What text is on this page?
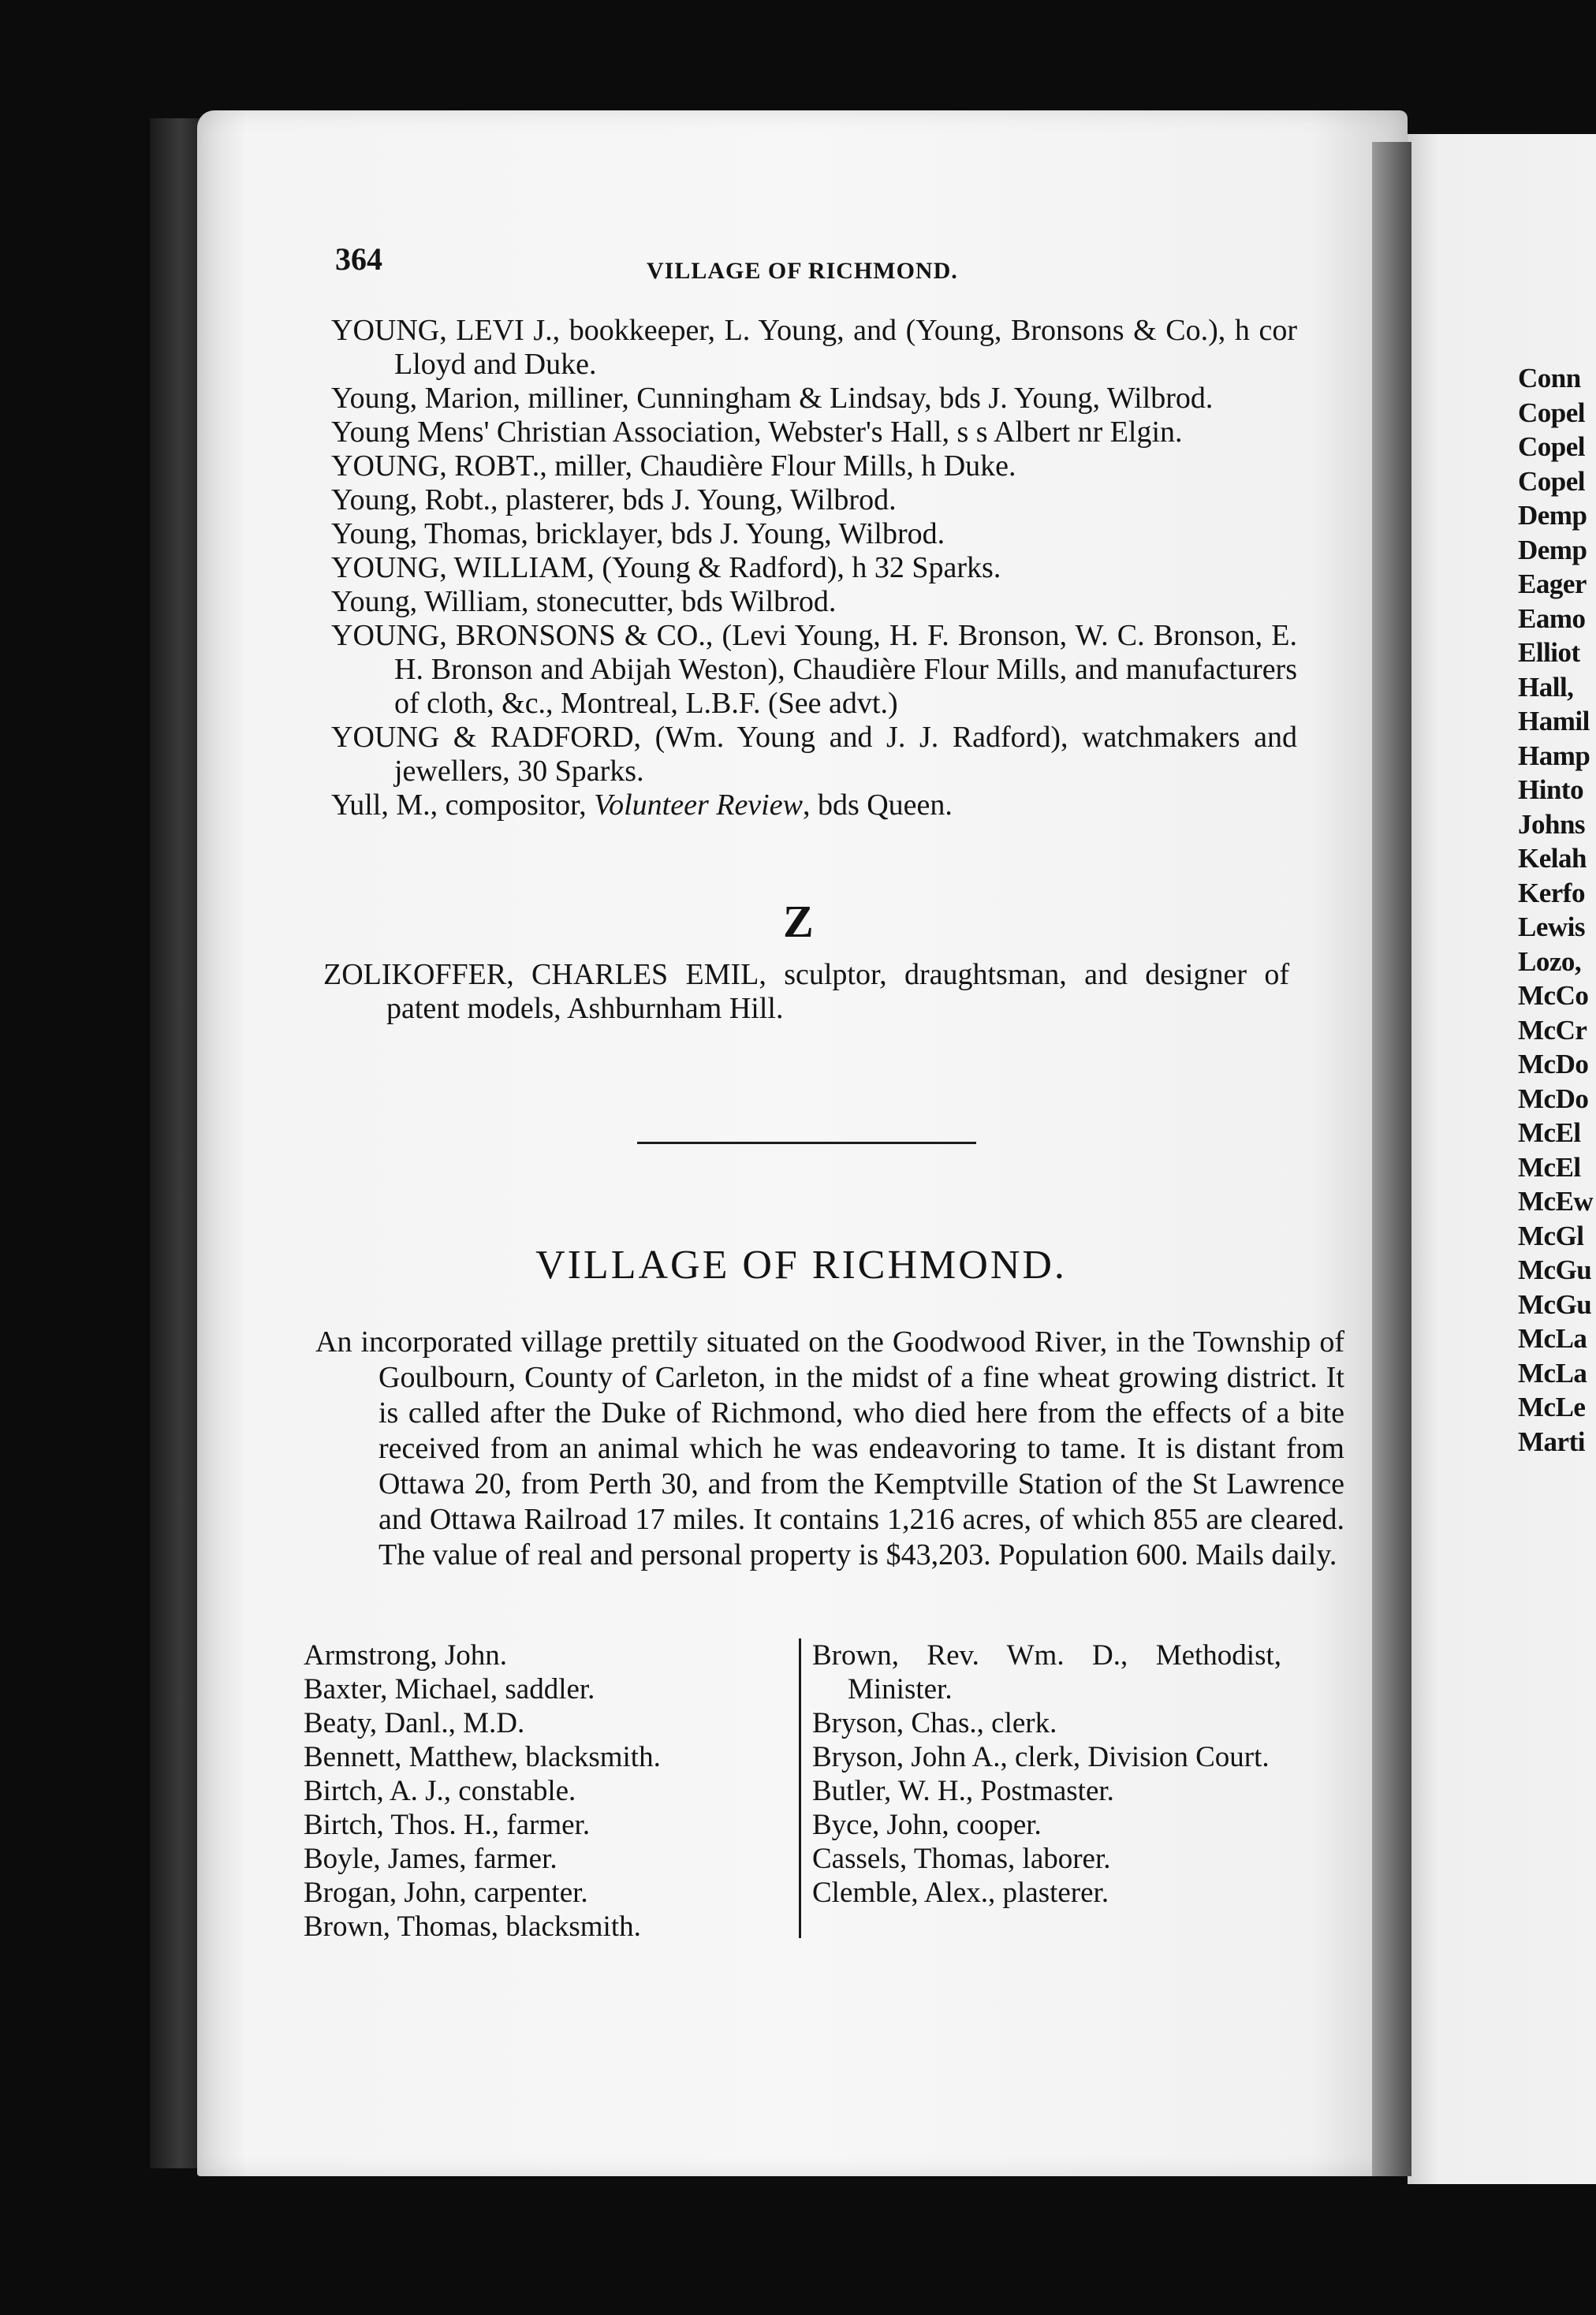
Conn
Copel
Copel
Copel
Demp
Demp
Eager
Eamo
Elliot
Hall,
Hamil
Hamp
Hinto
Johns
Kelah
Kerfo
Lewis
Lozo,
McCo
McCr
McDo
McDo
McEl
McEl
McEw
McGl
McGu
McGu
McLa
McLa
McLe
Marti
364	VILLAGE OF RICHMOND.
YOUNG, LEVI J., bookkeeper, L. Young, and (Young, Bronsons & Co.), h cor Lloyd and Duke.
Young, Marion, milliner, Cunningham & Lindsay, bds J. Young, Wilbrod.
Young Mens' Christian Association, Webster's Hall, s s Albert nr Elgin.
YOUNG, ROBT., miller, Chaudière Flour Mills, h Duke.
Young, Robt., plasterer, bds J. Young, Wilbrod.
Young, Thomas, bricklayer, bds J. Young, Wilbrod.
YOUNG, WILLIAM, (Young & Radford), h 32 Sparks.
Young, William, stonecutter, bds Wilbrod.
YOUNG, BRONSONS & CO., (Levi Young, H. F. Bronson, W. C. Bronson, E. H. Bronson and Abijah Weston), Chaudière Flour Mills, and manufacturers of cloth, &c., Montreal, L.B.F. (See advt.)
YOUNG & RADFORD, (Wm. Young and J. J. Radford), watchmakers and jewellers, 30 Sparks.
Yull, M., compositor, Volunteer Review, bds Queen.
Z
ZOLIKOFFER, CHARLES EMIL, sculptor, draughtsman, and designer of patent models, Ashburnham Hill.
VILLAGE OF RICHMOND.
An incorporated village prettily situated on the Goodwood River, in the Township of Goulbourn, County of Carleton, in the midst of a fine wheat growing district. It is called after the Duke of Richmond, who died here from the effects of a bite received from an animal which he was endeavoring to tame. It is distant from Ottawa 20, from Perth 30, and from the Kemptville Station of the St Lawrence and Ottawa Railroad 17 miles. It contains 1,216 acres, of which 855 are cleared. The value of real and personal property is $43,203. Population 600. Mails daily.
Armstrong, John.
Baxter, Michael, saddler.
Beaty, Danl., M.D.
Bennett, Matthew, blacksmith.
Birtch, A. J., constable.
Birtch, Thos. H., farmer.
Boyle, James, farmer.
Brogan, John, carpenter.
Brown, Thomas, blacksmith.
Brown, Rev. Wm. D., Methodist, Minister.
Bryson, Chas., clerk.
Bryson, John A., clerk, Division Court.
Butler, W. H., Postmaster.
Byce, John, cooper.
Cassels, Thomas, laborer.
Clemble, Alex., plasterer.
